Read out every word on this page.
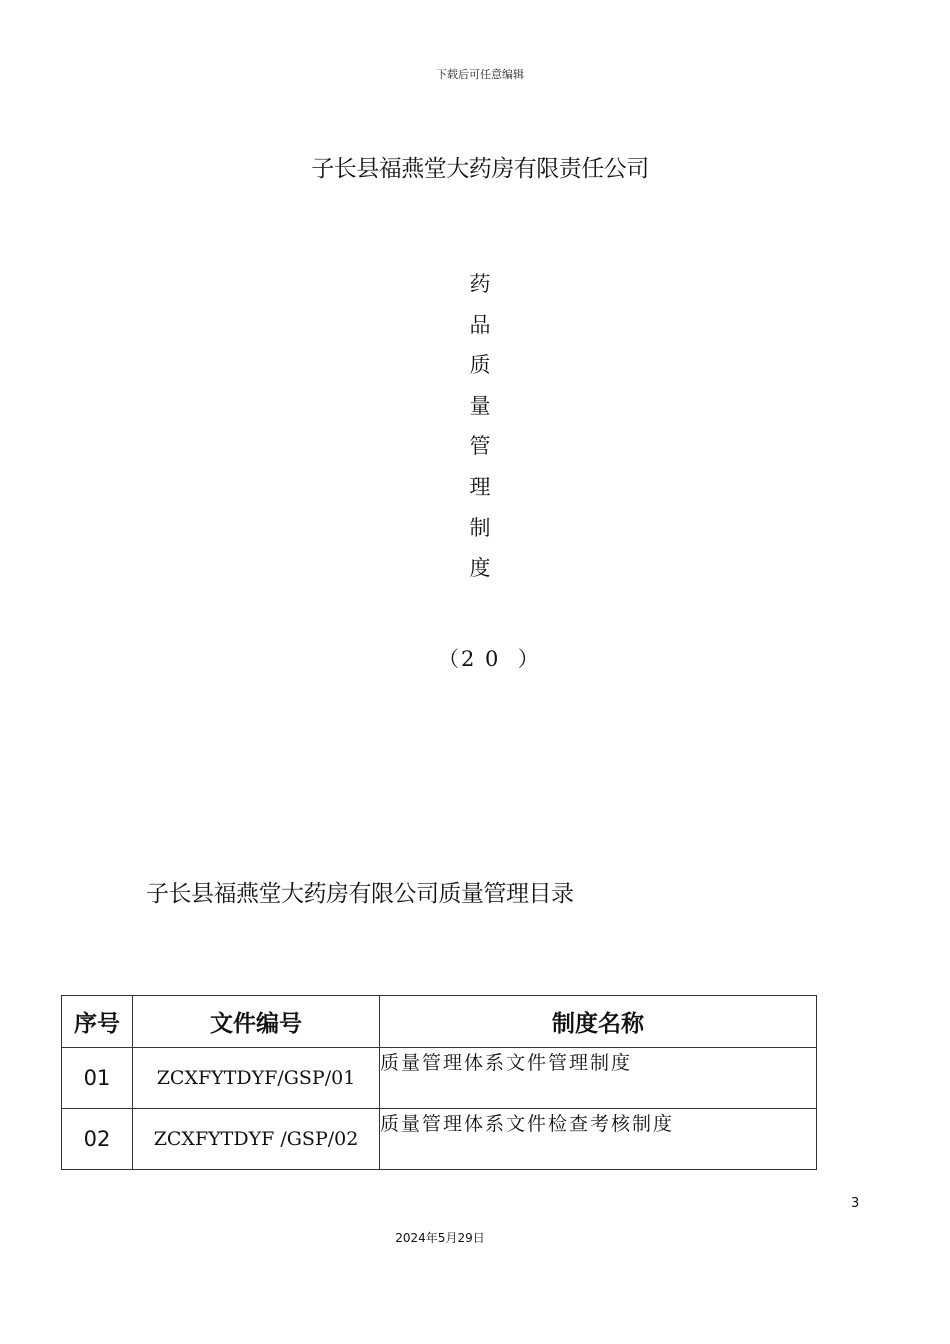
下载后可任意编辑
子长县福燕堂大药房有限责任公司
药
品
质
量
管
理
制
度
（2 0  ）
子长县福燕堂大药房有限公司质量管理目录
序号	文件编号	制度名称
01	ZCXFYTDYF/GSP/01	质量管理体系文件管理制度
02	ZCXFYTDYF /GSP/02	质量管理体系文件检查考核制度
3
2024年5月29日
